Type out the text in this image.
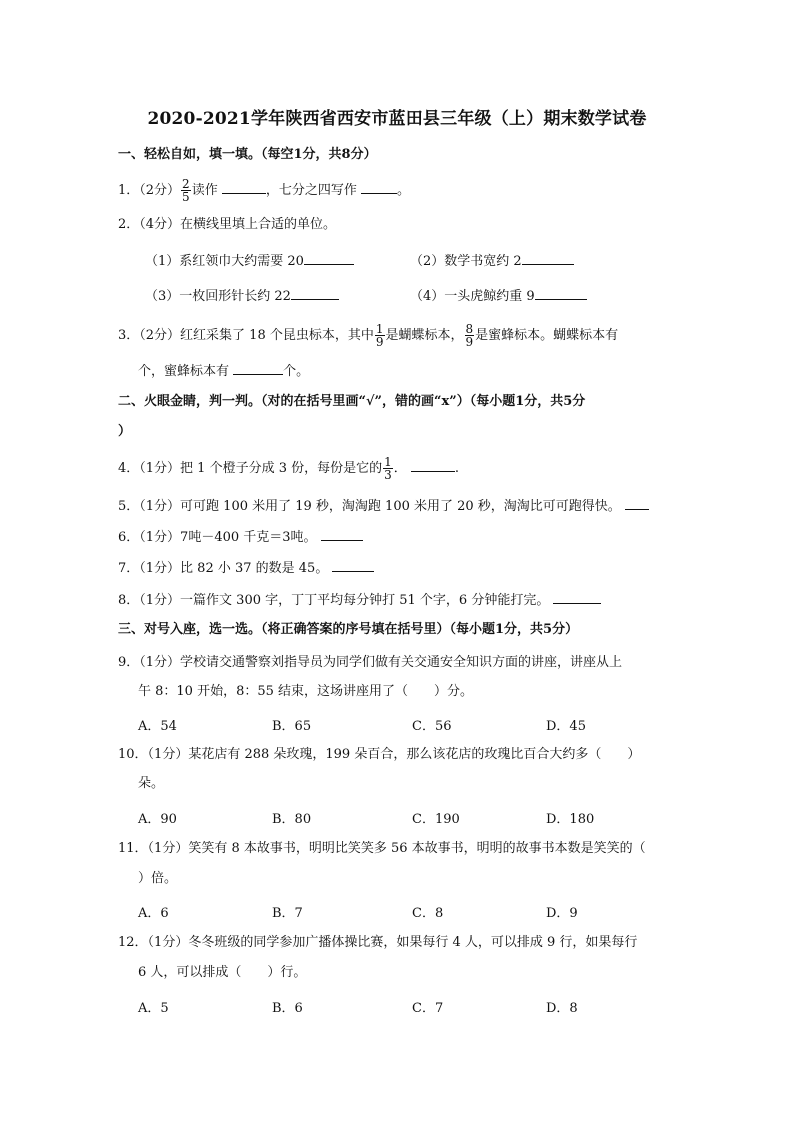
2020-2021学年陕西省西安市蓝田县三年级（上）期末数学试卷
一、轻松自如，填一填。（每空1分，共8分）
1．（2分） $\frac{2}{5}$ 读作	，七分之四写作	。
2．（4分）在横线里填上合适的单位。
（1）系红领巾大约需要 20	（2）数学书宽约 2
（3）一枚回形针长约 22	（4）一头虎鲸约重 9
3．（2分）红红采集了 18 个昆虫标本，其中 $\frac{1}{9}$ 是蝴蝶标本， $\frac{8}{9}$ 是蜜蜂标本。蝴蝶标本有
个，蜜蜂标本有	个。
二、火眼金睛，判一判。（对的在括号里画“√”，错的画“x”）（每小题1分，共5分
）
4．（1分）把 1 个橙子分成 3 份，每份是它的 $\frac{1}{3}$ ．	.
5．（1分）可可跑 100 米用了 19 秒，淘淘跑 100 米用了 20 秒，淘淘比可可跑得快。
6．（1分）7吨－400 千克＝3吨。
7．（1分）比 82 小 37 的数是 45。
8．（1分）一篇作文 300 字，丁丁平均每分钟打 51 个字，6 分钟能打完。
三、对号入座，选一选。（将正确答案的序号填在括号里）（每小题1分，共5分）
9．（1分）学校请交通警察刘指导员为同学们做有关交通安全知识方面的讲座，讲座从上
午 8：10 开始，8：55 结束，这场讲座用了（　　）分。
A．54	B．65	C．56	D．45
10．（1分）某花店有 288 朵玫瑰，199 朵百合，那么该花店的玫瑰比百合大约多（　　）
朵。
A．90	B．80	C．190	D．180
11．（1分）笑笑有 8 本故事书，明明比笑笑多 56 本故事书，明明的故事书本数是笑笑的（
）倍。
A．6	B．7	C．8	D．9
12．（1分）冬冬班级的同学参加广播体操比赛，如果每行 4 人，可以排成 9 行，如果每行
6 人，可以排成（　　）行。
A．5	B．6	C．7	D．8
